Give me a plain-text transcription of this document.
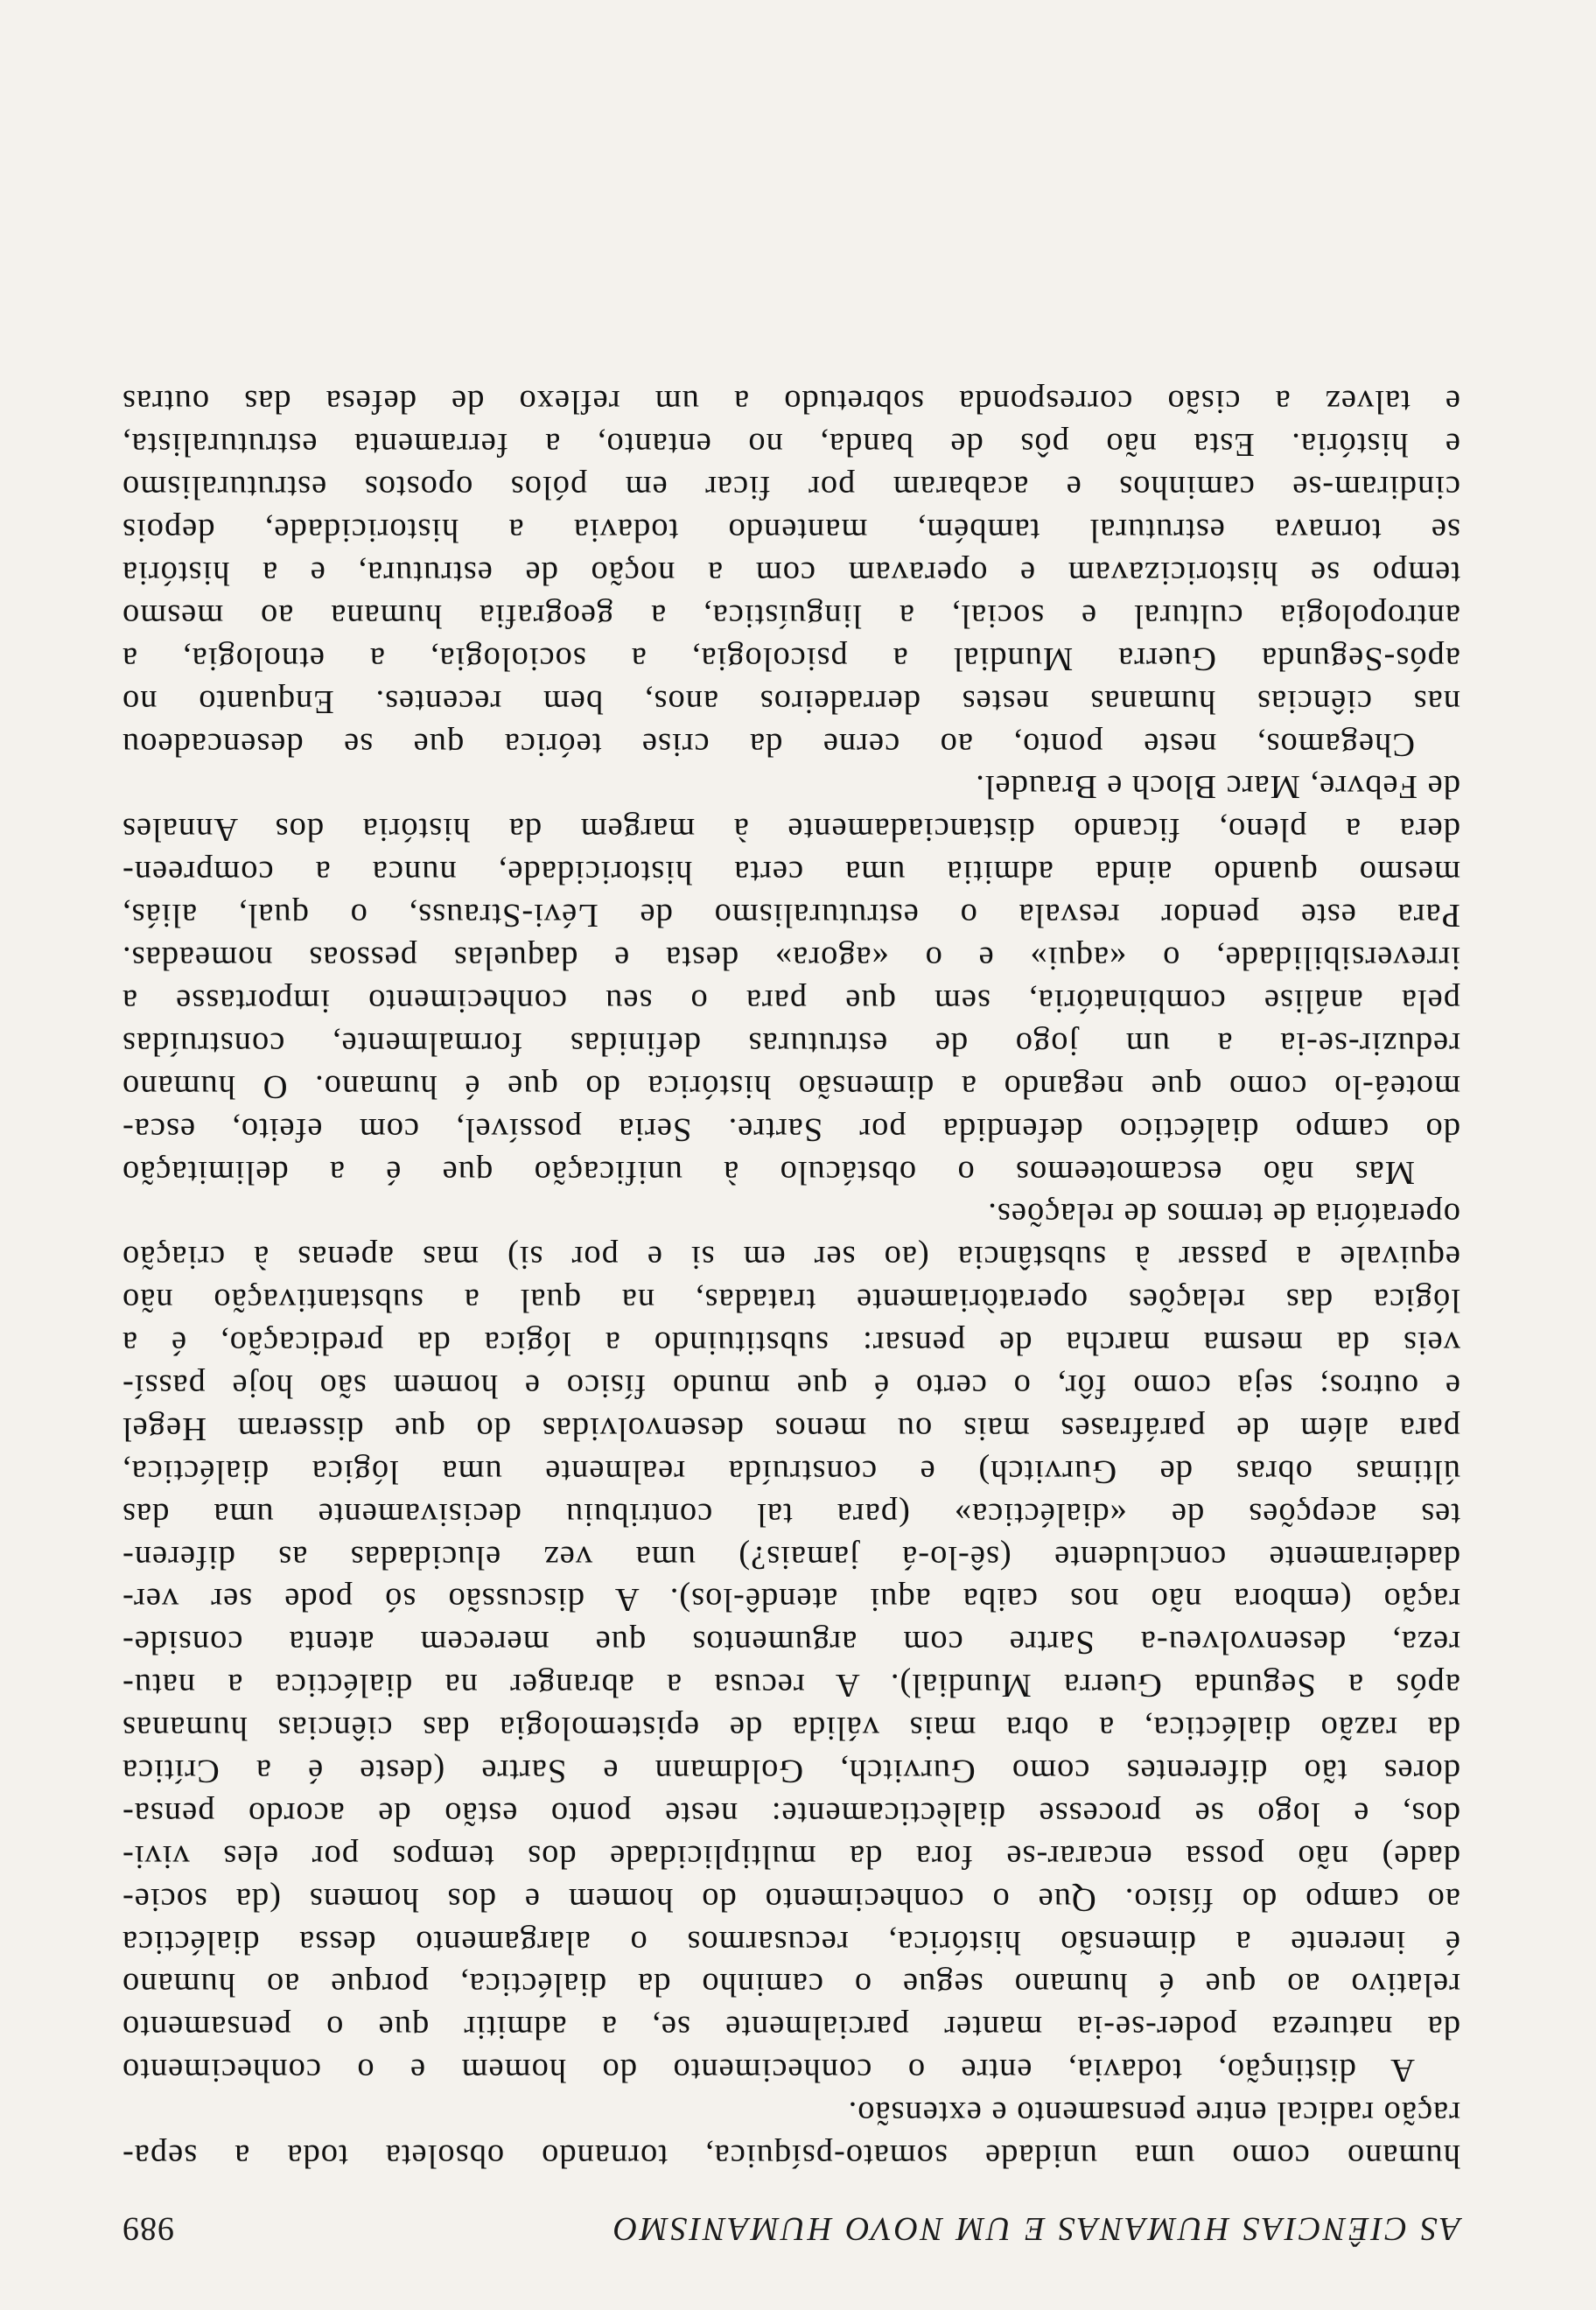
AS CIÊNCIAS HUMANAS E UM NOVO HUMANISMO
989
humano como uma unidade somato-psíquica, tornando obsoleta toda a sepa-
ração radical entre pensamento e extensão.
A distinção, todavia, entre o conhecimento do homem e o conhecimento
da natureza poder-se-ia manter parcialmente se, a admitir que o pensamento
relativo ao que é humano segue o caminho da dialéctica, porque ao humano
é inerente a dimensão histórica, recusarmos o alargamento dessa dialéctica
ao campo do físico. Que o conhecimento do homem e dos homens (da socie-
dade) não possa encarar-se fora da multiplicidade dos tempos por eles vivi-
dos, e logo se processe dialècticamente: neste ponto estão de acordo pensa-
dores tão diferentes como Gurvitch, Goldmann e Sartre (deste é a Crítica
da razão dialéctica, a obra mais válida de epistemologia das ciências humanas
após a Segunda Guerra Mundial). A recusa a abranger na dialéctica a natu-
reza, desenvolveu-a Sartre com argumentos que merecem atenta conside-
ração (embora não nos caiba aqui atendê-los). A discussão só pode ser ver-
dadeiramente concludente (sê-lo-á jamais?) uma vez elucidadas as diferen-
tes acepções de «dialéctica» (para tal contribuiu decisivamente uma das
últimas obras de Gurvitch) e construída realmente uma lógica dialéctica,
para além de paráfrases mais ou menos desenvolvidas do que disseram Hegel
e outros; seja como fôr, o certo é que mundo físico e homem são hoje passí-
veis da mesma marcha de pensar: substituindo a lógica da predicação, é a
lógica das relações operatòriamente tratadas, na qual a substantivação não
equivale a passar à substância (ao ser em si e por si) mas apenas à criação
operatória de termos de relações.
Mas não escamoteemos o obstáculo à unificação que é a delimitação
do campo dialéctico defendida por Sartre. Seria possível, com efeito, esca-
moteá-lo como que negando a dimensão histórica do que é humano. O humano
reduzir-se-ia a um jogo de estruturas definidas formalmente, construídas
pela análise combinatória, sem que para o seu conhecimento importasse a
irreversibilidade, o «aqui» e o «agora» desta e daquelas pessoas nomeadas.
Para este pendor resvala o estruturalismo de Lévi-Strauss, o qual, aliás,
mesmo quando ainda admitia uma certa historicidade, nunca a compreen-
dera a pleno, ficando distanciadamente à margem da história dos Annales
de Febvre, Marc Bloch e Braudel.
Chegamos, neste ponto, ao cerne da crise teórica que se desencadeou
nas ciências humanas nestes derradeiros anos, bem recentes. Enquanto no
após-Segunda Guerra Mundial a psicologia, a sociologia, a etnologia, a
antropologia cultural e social, a linguística, a geografia humana ao mesmo
tempo se historicizavam e operavam com a noção de estrutura, e a história
se tornava estrutural também, mantendo todavia a historicidade, depois
cindiram-se caminhos e acabaram por ficar em pólos opostos estruturalismo
e história. Esta não pôs de banda, no entanto, a ferramenta estruturalista,
e talvez a cisão corresponda sobretudo a um reflexo de defesa das outras
